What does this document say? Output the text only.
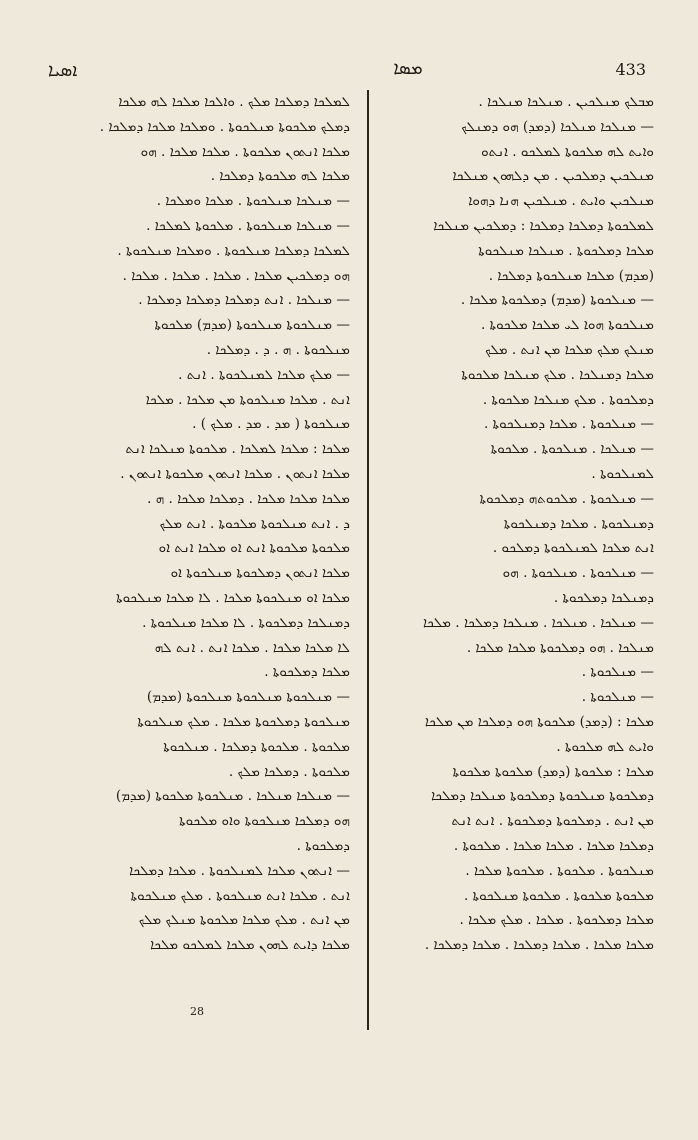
ܐܣܝܐ	ܡܣܐ	433
ܠܡܠܟܐ ܕܡܠܟܐ ܡܠܟ . ܘܐܠܟܐ ܡܠܟܐ ܠܗ ܡܠܟܐ
ܕܡܠܟ ܡܠܟܘܬܐ ܡܢܠܟܘܬܐ . ܘܡܠܟܐ ܡܠܟܐ ܕܡܠܟܐ .
ܡܠܟܐ ܐܢܬܘܢ ܡܠܟܘܬܐ . ܡܠܟܐ ܡܠܟܐ . ܗܘ
ܡܠܟܐ ܠܗ ܡܠܟܘܬܐ ܕܡܠܟܐ .
— ܡܢܠܟܐ ܡܢܠܟܘܬܐ . ܡܠܟܐ ܘܡܠܟܐ .
— ܡܢܠܟܐ ܡܢܠܟܘܬܐ . ܡܠܟܘܬܐ ܠܡܠܟܐ .
ܠܡܠܟܐ ܕܡܠܟܐ ܡܢܠܟܘܬܐ . ܘܡܠܟܐ ܡܢܠܟܘܬܐ .
ܗܘ ܕܡܠܟܝܢ ܡܠܟܐ . ܡܠܟܐ . ܡܠܟܐ . ܡܠܟܐ .
— ܡܢܠܟܐ . ܐܢܬ ܕܡܠܟܐ ܕܡܠܟܐ ܕܡܠܟܐ .
— ܡܢܠܟܘܬܐ ܡܢܠܟܘܬܐ (ܡܕܡ) ܡܠܟܘܬܐ
ܡܢܠܟܘܬܐ . ܗ . ܕ . ܕܡܠܟܐ .
— ܡܠܟ ܡܠܟܐ ܠܡܢܠܟܘܬܐ . ܐܢܬ .
ܐܢܬ . ܡܠܟܐ ܡܢܠܟܘܬܐ ܡܢ ܡܠܟܐ . ܡܠܟܐ
ܡܢܠܟܘܬܐ ( ܡܕ . ܡܕ . ܡܠܟ ) .
ܡܠܟܐ : ܡܠܟܐ ܠܡܠܟܐ . ܡܠܟܘܬܐ ܡܢܠܟܐ ܐܢܬ
ܡܠܟܐ ܐܢܬܘܢ . ܡܠܟܐ ܐܢܬܘܢ ܡܠܟܘܬܐ ܐܢܬܘܢ .
ܡܠܟܐ ܡܠܟܐ ܡܠܟܐ . ܕܡܠܟܐ ܡܠܟܐ . ܗ .
ܕ . ܐܢܬ ܡܢܠܟܘܬܐ ܡܠܟܘܬܐ . ܐܢܬ ܡܠܟ
ܡܠܟܘܬܐ ܡܠܟܘܬܐ ܐܢܬ ܐܘ ܡܠܟܐ ܐܢܬ ܐܘ
ܡܠܟܐ ܐܢܬܘܢ ܕܡܠܟܘܬܐ ܡܢܠܟܘܬܐ ܐܘ
ܡܠܟܐ ܐܘ ܡܢܠܟܘܬܐ ܡܠܟܐ . ܠܐ ܡܠܟܐ ܡܢܠܟܘܬܐ
ܕܡܢܠܟܐ ܕܡܠܟܘܬܐ . ܠܐ ܡܠܟܐ ܡܢܠܟܘܬܐ .
ܠܐ ܡܠܟܐ ܡܠܟܐ . ܡܠܟܐ ܐܢܬ . ܐܢܬ ܠܗ
ܡܠܟܐ ܕܡܠܟܘܬܐ .
— ܡܢܠܟܘܬܐ ܡܢܠܟܘܬܐ ܡܢܠܟܘܬܐ (ܡܕܡ)
ܡܢܠܟܘܬܐ ܕܡܠܟܘܬܐ ܡܠܟܐ . ܡܠܟ ܡܢܠܟܘܬܐ
ܡܠܟܘܬܐ . ܡܠܟܘܬܐ ܕܡܠܟܐ . ܡܢܠܟܘܬܐ
ܡܠܟܘܬܐ . ܕܡܠܟܐ ܡܠܟ .
— ܡܢܠܟܐ ܡܢܠܟܐ . ܡܢܠܟܘܬܐ ܡܠܟܘܬܐ (ܡܕܡ)
ܗܘ ܕܡܠܟܐ ܡܢܠܟܘܬܐ ܘܐܘ ܡܠܟܘܬܐ
ܕܡܠܟܘܬܐ .
— ܐܢܬܘܢ ܡܠܟܐ ܠܡܢܠܟܘܬܐ . ܡܠܟܐ ܕܡܠܟܐ
ܐܢܬ . ܡܠܟܐ ܐܢܬ ܡܢܠܟܘܬܐ . ܡܠܟ ܡܢܠܟܘܬܐ
ܡܢ ܐܢܬ . ܡܠܟ ܡܠܟܐ ܡܠܟܘܬܐ ܡܢܠܟ ܡܠܟ
ܡܠܟܐ ܕܐܝܬ ܠܗܘܢ ܡܠܟܐ ܠܡܠܟܘ ܡܠܟܐ
ܡܒܠܟ ܡܢܠܟܝܢ . ܡܢܠܟܐ ܡܢܠܟܐ .
— ܡܢܠܟܐ ܡܢܠܟܐ (ܕܡܕ) ܗܘ ܕܡܢܠܟ
ܘܐܝܬ ܠܗ ܡܠܟܘܬܐ ܠܡܠܟܘ . ܐܢܬܘ
ܡܢܠܟܝܢ ܕܡܠܟܝܢ . ܡܢ ܕܠܗܘܢ ܡܢܠܟܐ
ܡܢܠܟܝܢ ܘܐܝܬ . ܡܢܠܟܝܢ ܗܢܐ ܕܗܘܐ
ܠܡܠܟܘܬܐ ܕܡܠܟܐ ܕܡܠܟܐ : ܕܡܠܟܝܢ ܡܢܠܟܐ
ܡܠܟܐ ܕܡܠܟܘܬܐ . ܡܢܠܟܐ ܡܢܠܟܘܬܐ
(ܡܕܡ) ܡܠܟܐ ܡܢܠܟܘܬܐ ܕܡܠܟܐ .
— ܡܢܠܟܘܬܐ (ܡܕܡ) ܕܡܠܟܘܬܐ ܡܠܟܐ .
ܡܢܠܟܘܬܐ ܗܘܐ ܠܝ ܡܠܟܐ ܡܠܟܘܬܐ .
ܡܢܠܟ ܡܠܟ ܡܠܟܐ ܡܢ ܐܢܬ . ܡܠܟ
ܡܠܟܐ ܕܡܢܠܟܐ . ܡܠܟ ܡܢܠܟܐ ܡܠܟܘܬܐ
ܕܡܠܟܘܬܐ . ܡܠܟ ܡܢܠܟܐ ܡܠܟܘܬܐ .
— ܡܢܠܟܘܬܐ . ܡܠܟܐ ܕܡܢܠܟܘܬܐ .
— ܡܢܠܟܐ . ܡܢܠܟܘܬܐ . ܡܠܟܘܬܐ
ܠܡܢܠܟܘܬܐ .
— ܡܢܠܟܘܬܐ . ܡܠܟܘܬܗ ܕܡܠܟܘܬܐ
ܕܡܢܠܟܘܬܐ . ܡܠܟܐ ܕܡܢܠܟܘܬܐ
ܐܢܬ ܡܠܟܐ ܠܡܢܠܟܘܬܐ ܕܡܠܟܘ .
— ܡܢܠܟܘܬܐ . ܡܢܠܟܘܬܐ . ܗܘ
ܕܡܢܠܟܐ ܕܡܠܟܘܬܐ .
— ܡܢܠܟܐ . ܡܢܠܟܐ . ܡܢܠܟܐ ܕܡܠܟܐ . ܡܠܟܐ
ܡܢܠܟܐ . ܗܘ ܕܡܠܟܘܬܐ ܡܠܟܐ ܡܠܟܐ .
— ܡܢܠܟܘܬܐ .
— ܡܢܠܟܘܬܐ .
ܡܠܟܐ : (ܕܡܕ) ܡܠܟܘܬܐ ܗܘ ܕܡܠܟܐ ܡܢ ܡܠܟܐ
ܘܐܝܬ ܠܗ ܡܠܟܘܬܐ .
ܡܠܟܐ : ܡܠܟܘܬܐ (ܕܡܕ) ܡܠܟܘܬܐ ܡܠܟܘܬܐ
ܕܡܠܟܘܬܐ ܡܢܠܟܘܬܐ ܕܡܠܟܘܬܐ ܡܢܠܟܐ ܕܡܠܟܐ
ܡܢ ܐܢܬ . ܕܡܠܟܘܬܐ ܕܡܠܟܘܬܐ . ܐܢܬ ܐܢܬ
ܕܡܠܟܐ ܡܠܟܐ . ܡܠܟܐ ܡܠܟܐ . ܡܠܟܘܬܐ .
ܡܢܠܟܘܬܐ . ܡܠܟܘܬܐ . ܡܠܟܘܬܐ ܡܠܟܐ .
ܡܠܟܘܬܐ ܡܠܟܘܬܐ . ܡܠܟܘܬܐ ܡܢܠܟܘܬܐ .
ܡܠܟܐ ܕܡܠܟܘܬܐ . ܡܠܟܐ . ܡܠܟ ܡܠܟܐ .
ܡܠܟܐ ܡܠܟܐ . ܡܠܟܐ ܕܡܠܟܐ . ܡܠܟܐ ܕܡܠܟܐ .
28
